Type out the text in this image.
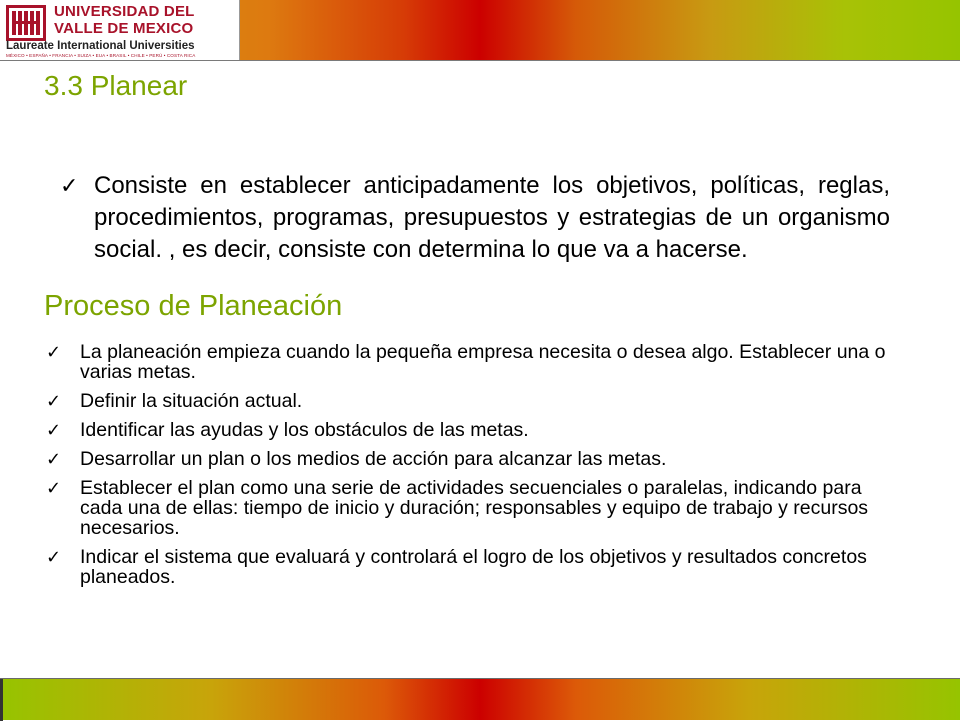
UNIVERSIDAD DEL
VALLE DE MEXICO
Laureate International Universities
MÉXICO • ESPAÑA • FRANCIA • SUIZA • EUA • BRASIL • CHILE • PERÚ • COSTA RICA
3.3 Planear
✓ Consiste en establecer anticipadamente los objetivos, políticas, reglas, procedimientos, programas, presupuestos y estrategias de un organismo social. , es decir, consiste con determina lo que va a hacerse.
Proceso de Planeación
✓ La planeación empieza cuando la pequeña empresa necesita o desea algo. Establecer una o varias metas.
✓ Definir la situación actual.
✓ Identificar las ayudas y los obstáculos de las metas.
✓ Desarrollar un plan o los medios de acción para alcanzar las metas.
✓ Establecer el plan como una serie de actividades secuenciales o paralelas, indicando para cada una de ellas: tiempo de inicio y duración; responsables y equipo de trabajo y recursos necesarios.
✓ Indicar el sistema que evaluará y controlará el logro de los objetivos y resultados concretos planeados.
